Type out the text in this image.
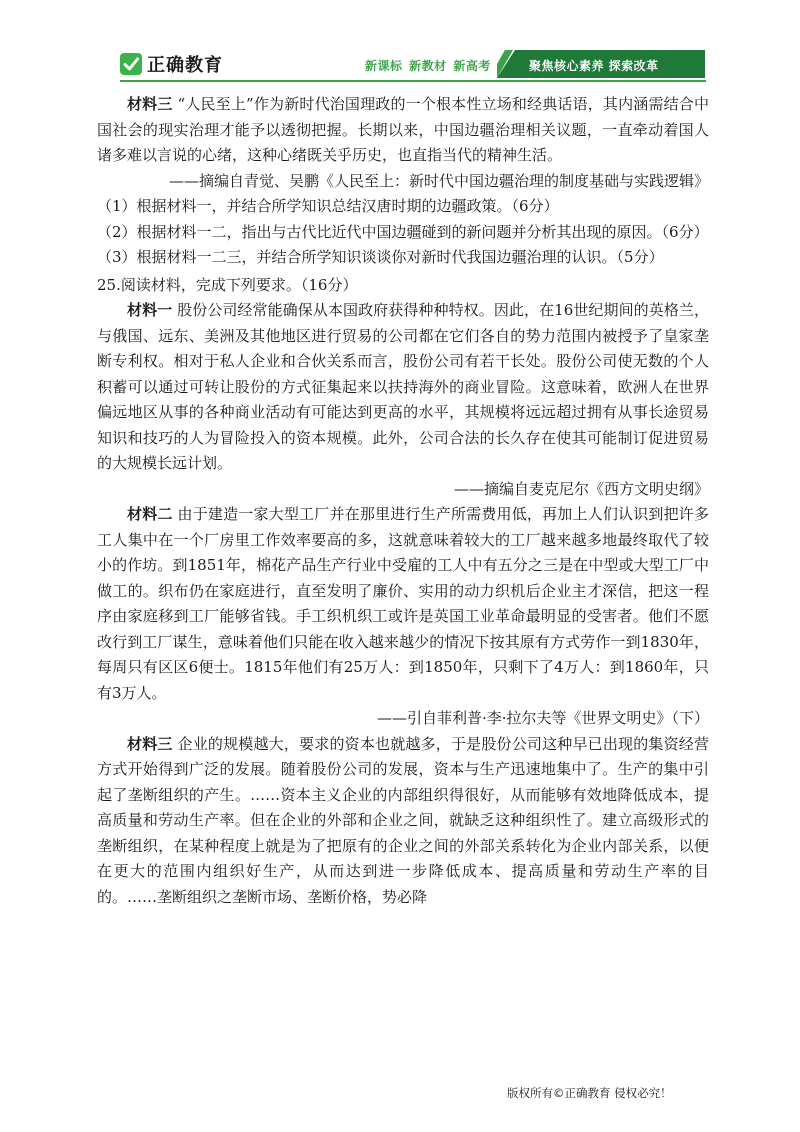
正确教育	新课标 新教材 新高考	聚焦核心素养 探索改革

材料三 “人民至上”作为新时代治国理政的一个根本性立场和经典话语，其内涵需结合中国社会的现实治理才能予以透彻把握。长期以来，中国边疆治理相关议题，一直牵动着国人诸多难以言说的心绪，这种心绪既关乎历史，也直指当代的精神生活。

——摘编自青觉、吴鹏《人民至上：新时代中国边疆治理的制度基础与实践逻辑》

（1）根据材料一，并结合所学知识总结汉唐时期的边疆政策。（6分）

（2）根据材料一二，指出与古代比近代中国边疆碰到的新问题并分析其出现的原因。（6分）

（3）根据材料一二三，并结合所学知识谈谈你对新时代我国边疆治理的认识。（5分）

25.阅读材料，完成下列要求。（16分）

材料一 股份公司经常能确保从本国政府获得种种特权。因此，在16世纪期间的英格兰，与俄国、远东、美洲及其他地区进行贸易的公司都在它们各自的势力范围内被授予了皇家垄断专利权。相对于私人企业和合伙关系而言，股份公司有若干长处。股份公司使无数的个人积蓄可以通过可转让股份的方式征集起来以扶持海外的商业冒险。这意味着，欧洲人在世界偏远地区从事的各种商业活动有可能达到更高的水平，其规模将远远超过拥有从事长途贸易知识和技巧的人为冒险投入的资本规模。此外，公司合法的长久存在使其可能制订促进贸易的大规模长远计划。

——摘编自麦克尼尔《西方文明史纲》

材料二 由于建造一家大型工厂并在那里进行生产所需费用低，再加上人们认识到把许多工人集中在一个厂房里工作效率要高的多，这就意味着较大的工厂越来越多地最终取代了较小的作坊。到1851年，棉花产品生产行业中受雇的工人中有五分之三是在中型或大型工厂中做工的。织布仍在家庭进行，直至发明了廉价、实用的动力织机后企业主才深信，把这一程序由家庭移到工厂能够省钱。手工织机织工或许是英国工业革命最明显的受害者。他们不愿改行到工厂谋生，意味着他们只能在收入越来越少的情况下按其原有方式劳作一到1830年，每周只有区区6便士。1815年他们有25万人：到1850年，只剩下了4万人：到1860年，只有3万人。

——引自菲利普·李·拉尔夫等《世界文明史》（下）

材料三 企业的规模越大，要求的资本也就越多，于是股份公司这种早已出现的集资经营方式开始得到广泛的发展。随着股份公司的发展，资本与生产迅速地集中了。生产的集中引起了垄断组织的产生。……资本主义企业的内部组织得很好，从而能够有效地降低成本，提高质量和劳动生产率。但在企业的外部和企业之间，就缺乏这种组织性了。建立高级形式的垄断组织，在某种程度上就是为了把原有的企业之间的外部关系转化为企业内部关系，以便在更大的范围内组织好生产，从而达到进一步降低成本、提高质量和劳动生产率的目的。……垄断组织之垄断市场、垄断价格，势必降

版权所有©正确教育 侵权必究！
